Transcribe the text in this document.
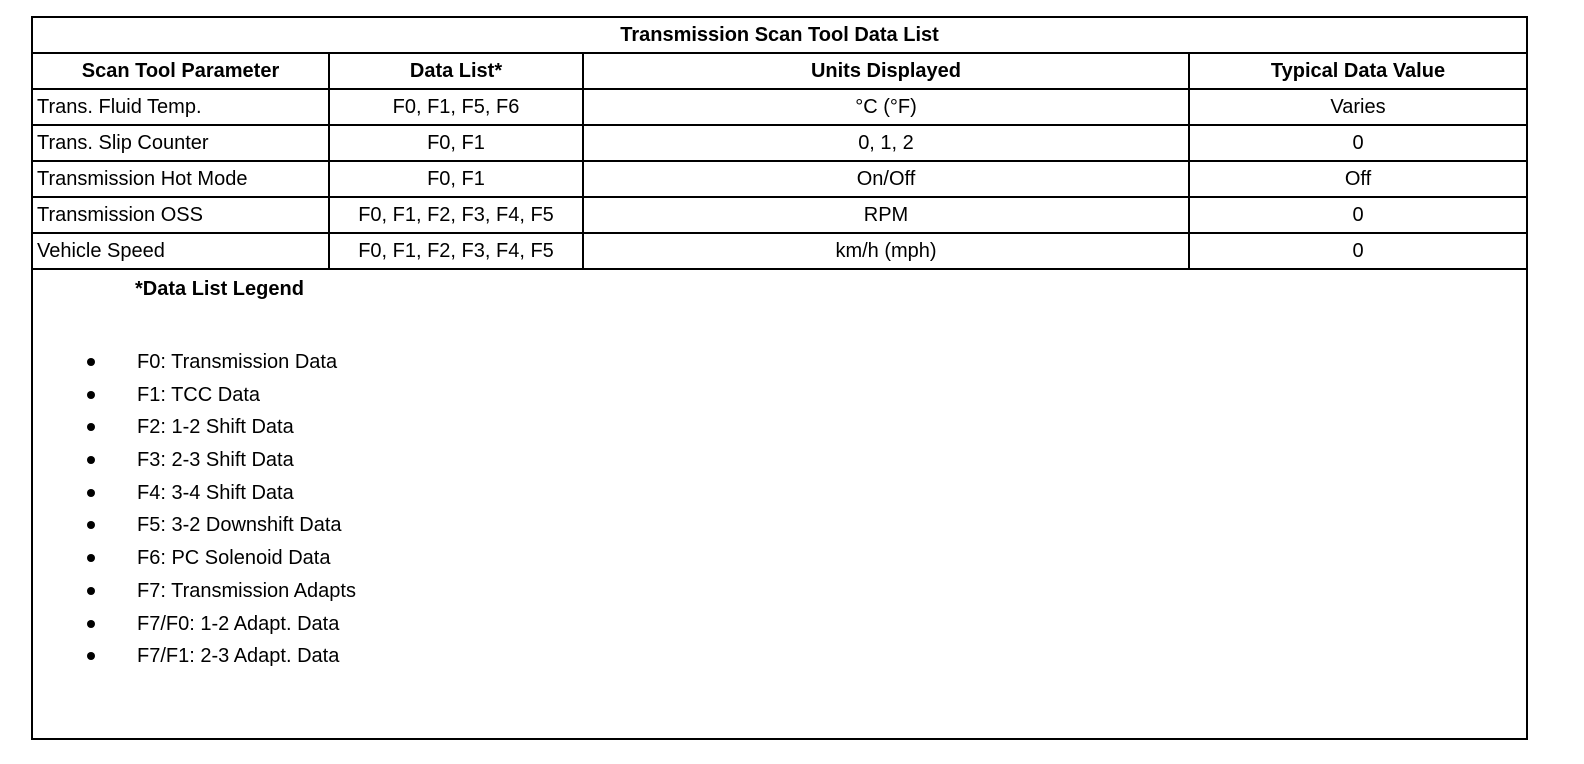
Transmission Scan Tool Data List			
Scan Tool Parameter	Data List*	Units Displayed	Typical Data Value
Trans. Fluid Temp.	F0, F1, F5, F6	°C (°F)	Varies
Trans. Slip Counter	F0, F1	0, 1, 2	0
Transmission Hot Mode	F0, F1	On/Off	Off
Transmission OSS	F0, F1, F2, F3, F4, F5	RPM	0
Vehicle Speed	F0, F1, F2, F3, F4, F5	km/h (mph)	0
*Data List Legend
F0: Transmission Data
F1: TCC Data
F2: 1-2 Shift Data
F3: 2-3 Shift Data
F4: 3-4 Shift Data
F5: 3-2 Downshift Data
F6: PC Solenoid Data
F7: Transmission Adapts
F7/F0: 1-2 Adapt. Data
F7/F1: 2-3 Adapt. Data
